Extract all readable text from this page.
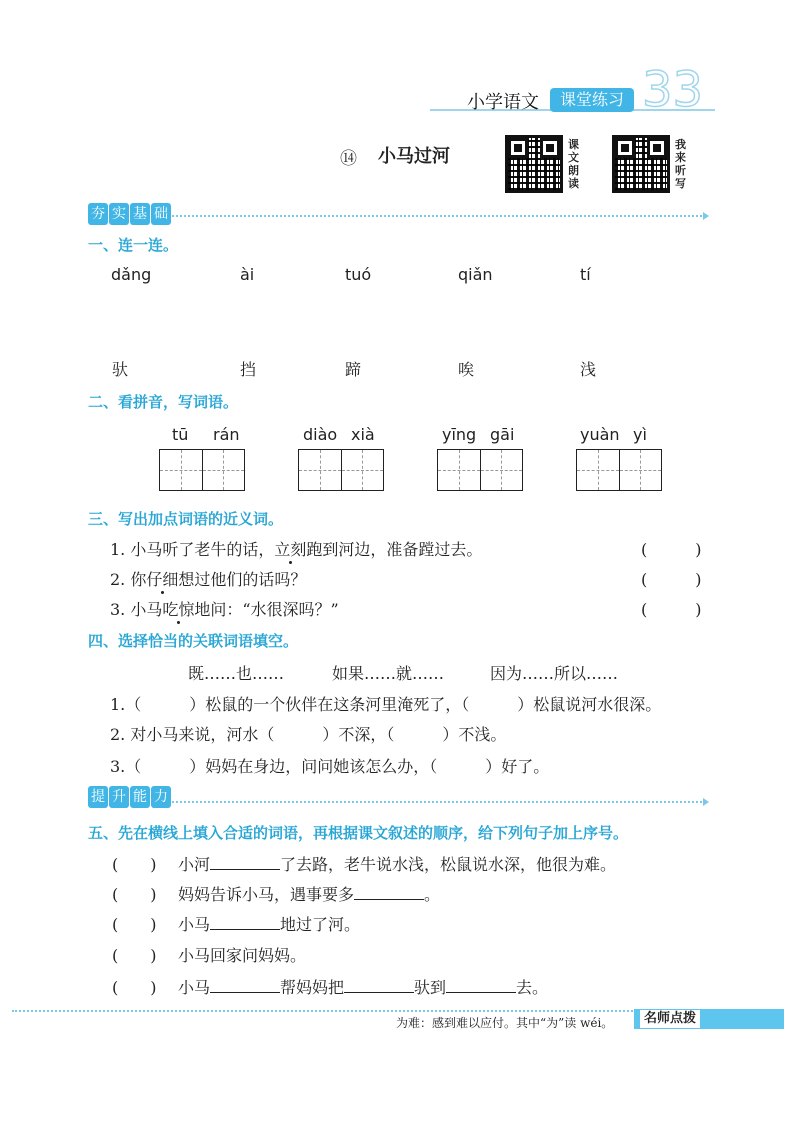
小学语文	课堂练习 33
⑭ 小马过河
课文朗读
我来听写
夯 实 基 础
一、连一连。
dǎng	ài	tuó	qiǎn	tí
驮	挡	蹄	唉	浅
二、看拼音，写词语。
tū rán	diào xià	yīng gāi	yuàn yì
三、写出加点词语的近义词。
1. 小马听了老牛的话，立刻跑到河边，准备蹚过去。	(　　　)
2. 你仔细想过他们的话吗？	(　　　)
3. 小马吃惊地问：“水很深吗？”	(　　　)
四、选择恰当的关联词语填空。
既……也……	如果……就……	因为……所以……
1.（　　　）松鼠的一个伙伴在这条河里淹死了，（　　　）松鼠说河水很深。
2. 对小马来说，河水（　　　）不深，（　　　）不浅。
3.（　　　）妈妈在身边，问问她该怎么办，（　　　）好了。
提 升 能 力
五、先在横线上填入合适的词语，再根据课文叙述的顺序，给下列句子加上序号。
(　　) 小河	了去路，老牛说水浅，松鼠说水深，他很为难。
(　　) 妈妈告诉小马，遇事要多	。
(　　) 小马	地过了河。
(　　) 小马回家问妈妈。
(　　) 小马	帮妈妈把	驮到	去。
为难：感到难以应付。其中“为”读 wéi。	名师点拨
